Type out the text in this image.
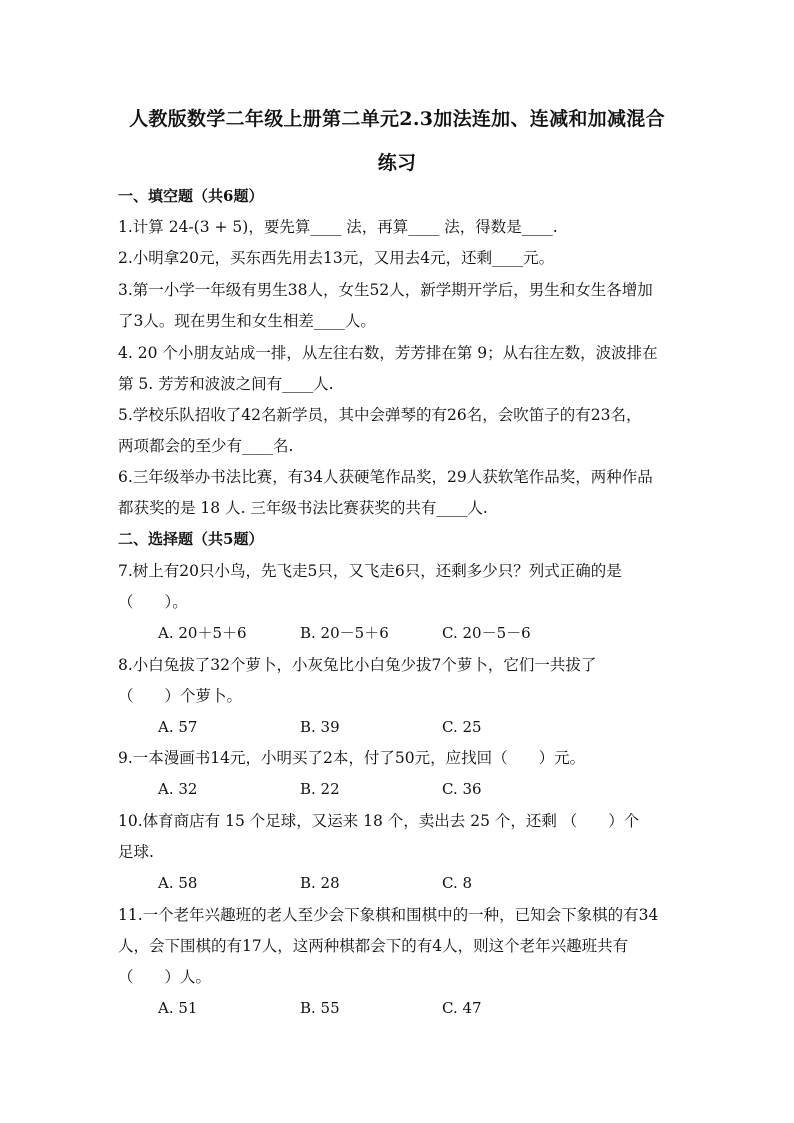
人教版数学二年级上册第二单元2.3加法连加、连减和加减混合
练习
一、填空题（共6题）
1.计算 24-(3 + 5)，要先算____ 法，再算____ 法，得数是____.
2.小明拿20元，买东西先用去13元，又用去4元，还剩____元。
3.第一小学一年级有男生38人，女生52人，新学期开学后，男生和女生各增加
了3人。现在男生和女生相差____人。
4. 20 个小朋友站成一排，从左往右数，芳芳排在第 9；从右往左数，波波排在
第 5. 芳芳和波波之间有____人.
5.学校乐队招收了42名新学员，其中会弹琴的有26名，会吹笛子的有23名，
两项都会的至少有____名.
6.三年级举办书法比赛，有34人获硬笔作品奖，29人获软笔作品奖，两种作品
都获奖的是 18 人. 三年级书法比赛获奖的共有____人.
二、选择题（共5题）
7.树上有20只小鸟，先飞走5只，又飞走6只，还剩多少只？列式正确的是
（　　）。
A. 20＋5＋6	B. 20－5＋6	C. 20－5－6
8.小白兔拔了32个萝卜，小灰兔比小白兔少拔7个萝卜，它们一共拔了
（　　）个萝卜。
A. 57	B. 39	C. 25
9.一本漫画书14元，小明买了2本，付了50元，应找回（　　）元。
A. 32	B. 22	C. 36
10.体育商店有 15 个足球，又运来 18 个，卖出去 25 个，还剩 （　　）个
足球.
A. 58	B. 28	C. 8
11.一个老年兴趣班的老人至少会下象棋和围棋中的一种，已知会下象棋的有34
人，会下围棋的有17人，这两种棋都会下的有4人，则这个老年兴趣班共有
（　　）人。
A. 51	B. 55	C. 47
